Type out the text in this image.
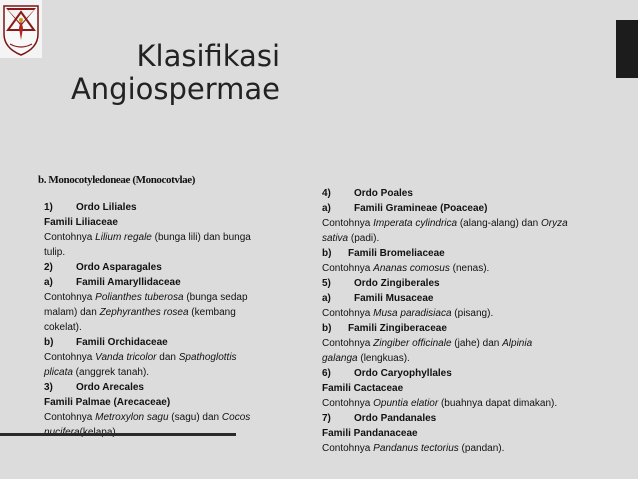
Klasifikasi
Angiospermae
b. Monocotyledoneae (Monocotvlae)
1) Ordo Liliales
Famili Liliaceae
Contohnya Lilium regale (bunga lili) dan bunga
tulip.
2) Ordo Asparagales
a) Famili Amaryllidaceae
Contohnya Polianthes tuberosa (bunga sedap
malam) dan Zephyranthes rosea (kembang
cokelat).
b) Famili Orchidaceae
Contohnya Vanda tricolor dan Spathoglottis
plicata (anggrek tanah).
3) Ordo Arecales
Famili Palmae (Arecaceae)
Contohnya Metroxylon sagu (sagu) dan Cocos
4) Ordo Poales
a) Famili Gramineae (Poaceae)
Contohnya Imperata cylindrica (alang-alang) dan Oryza
sativa (padi).
b) Famili Bromeliaceae
Contohnya Ananas comosus (nenas).
5) Ordo Zingiberales
a) Famili Musaceae
Contohnya Musa paradisiaca (pisang).
b) Famili Zingiberaceae
Contohnya Zingiber officinale (jahe) dan Alpinia
galanga (lengkuas).
6) Ordo Caryophyllales
Famili Cactaceae
Contohnya Opuntia elatior (buahnya dapat dimakan).
7) Ordo Pandanales
Famili Pandanaceae
Contohnya Pandanus tectorius (pandan).
